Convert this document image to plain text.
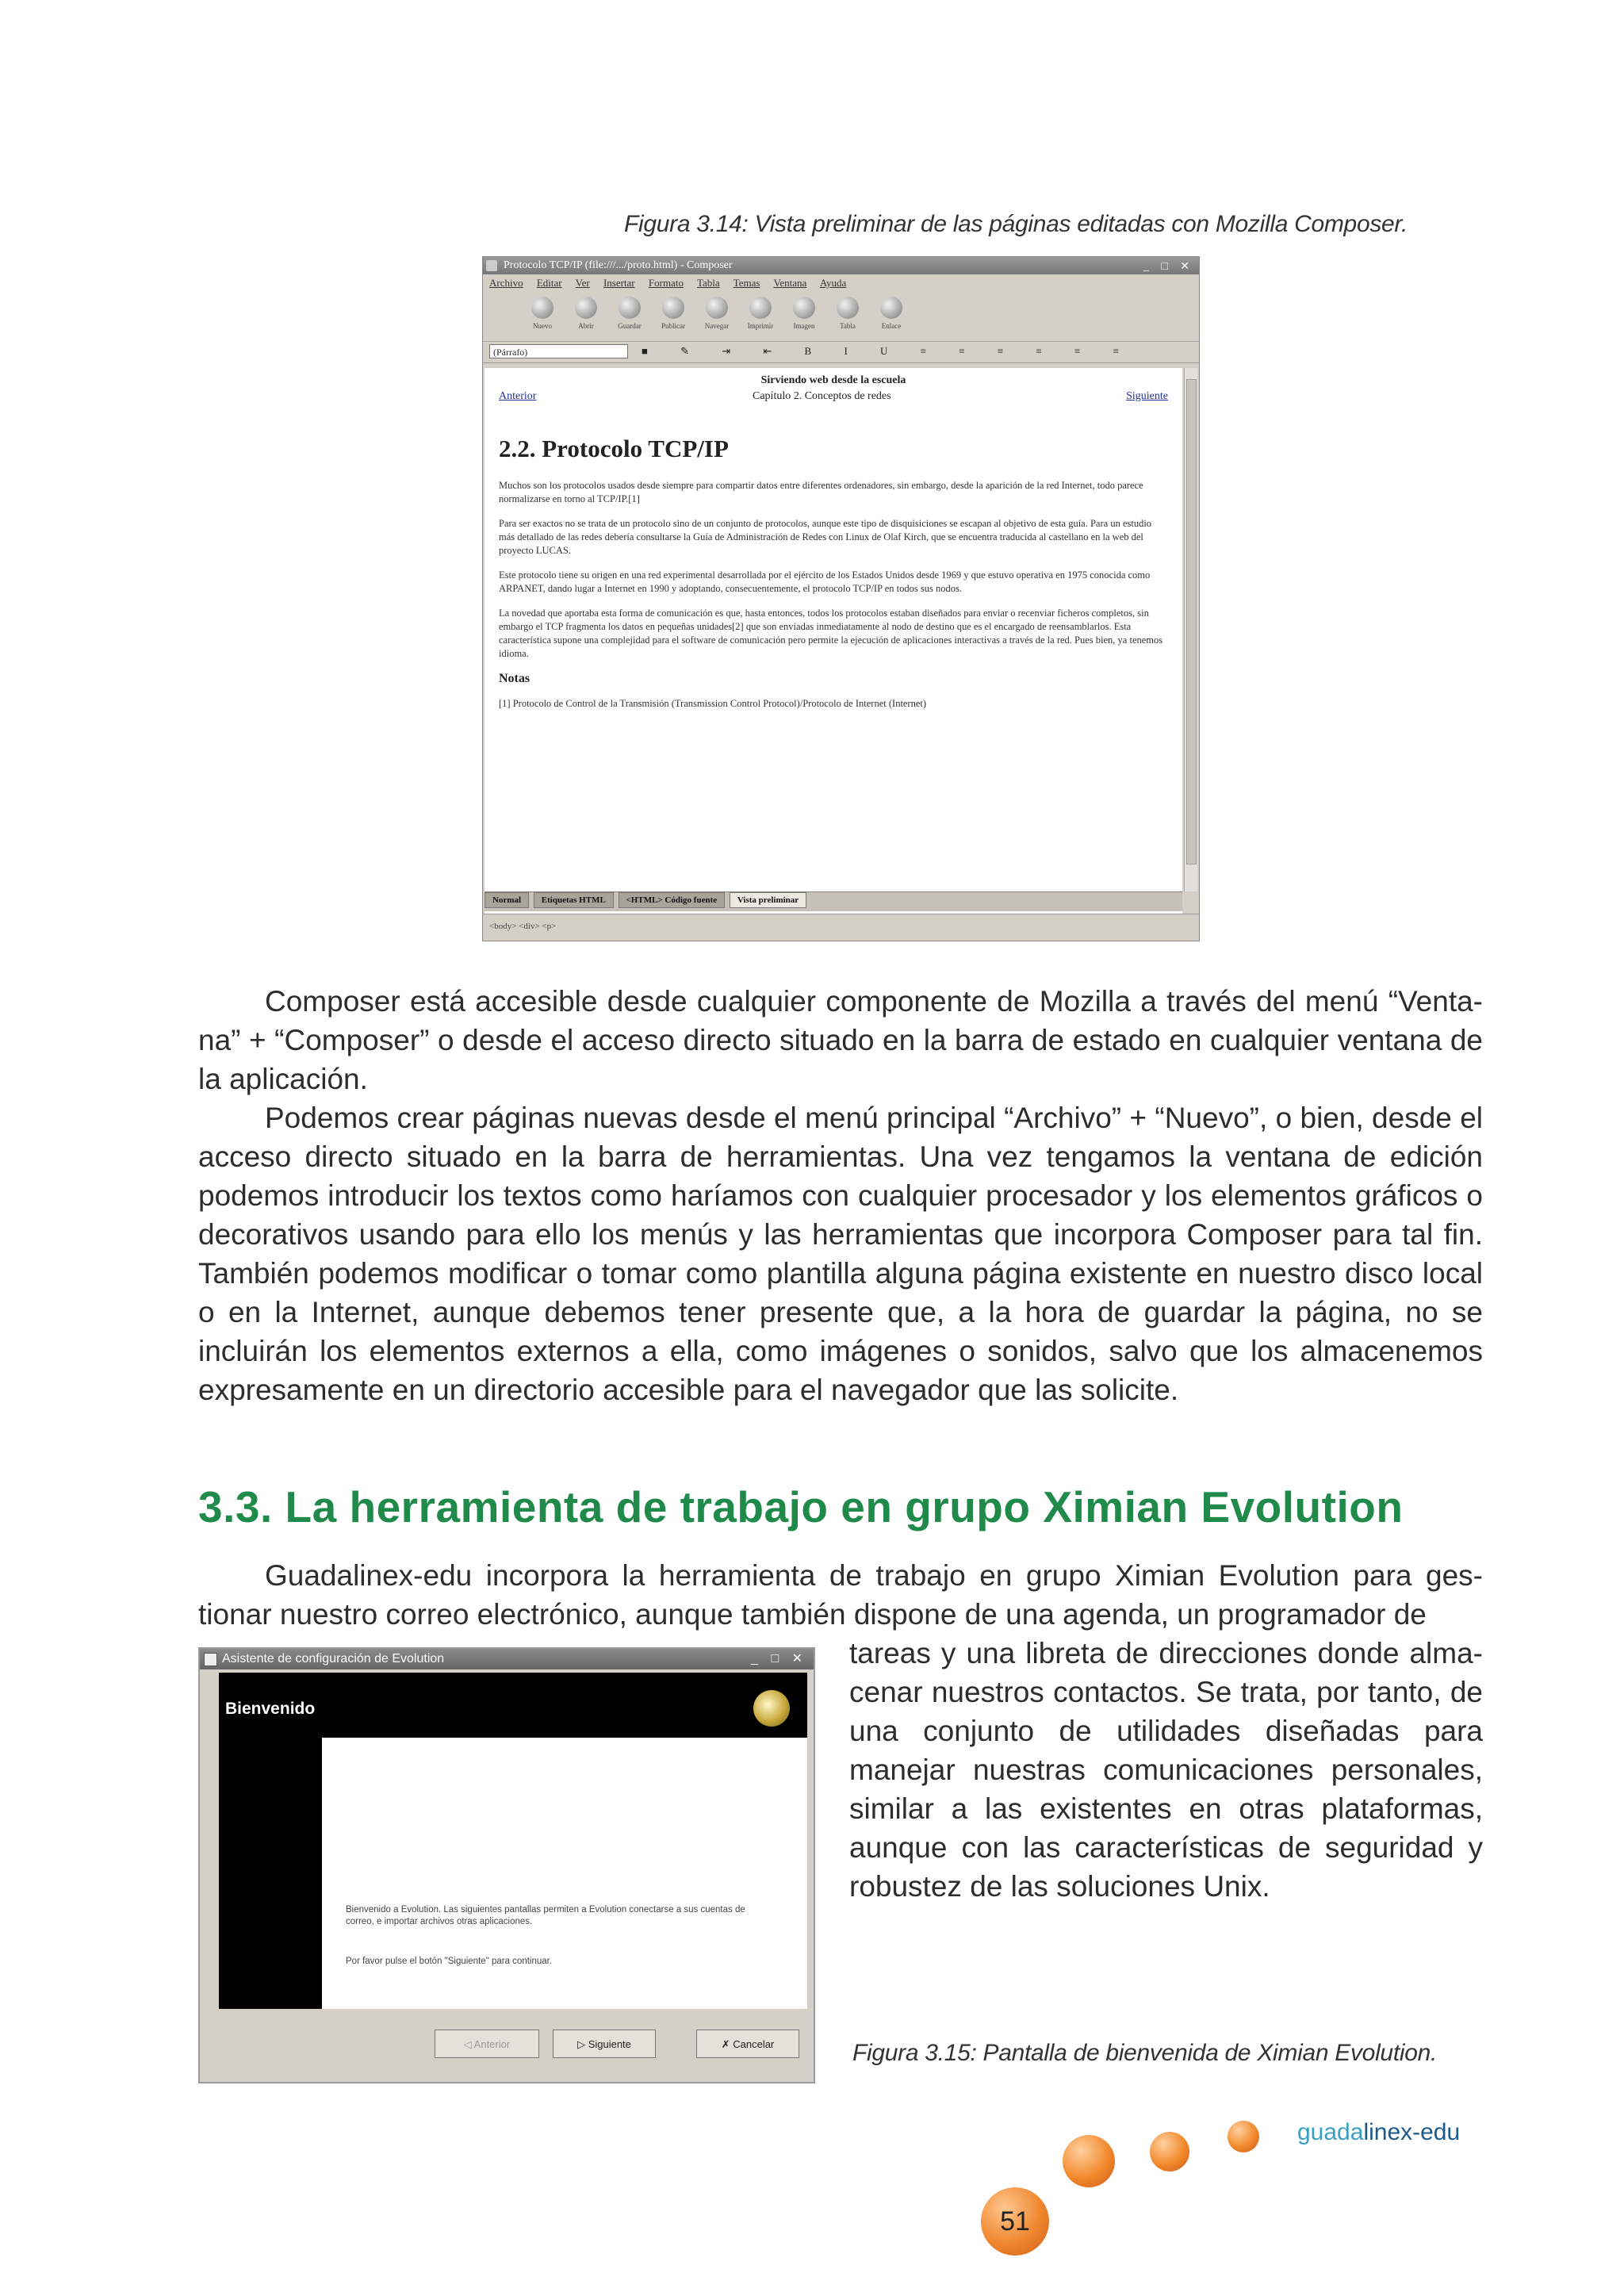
Figura 3.14: Vista preliminar de las páginas editadas con Mozilla Composer.
Protocolo TCP/IP (file:///.../proto.html) - Composer	_ □ ✕
Archivo Editar Ver Insertar Formato Tabla Temas Ventana Ayuda
Nuevo	Abrir	Guardar	Publicar	Navegar	Imprimir	Imagen	Tabla	Enlace
(Párrafo)	■ ✎ ⇥ ⇤ B I U ≡ ≡ ≡ ≡ ≡ ≡
Sirviendo web desde la escuela
Anterior	Capítulo 2. Conceptos de redes	Siguiente
2.2. Protocolo TCP/IP

Muchos son los protocolos usados desde siempre para compartir datos entre diferentes ordenadores, sin embargo, desde la aparición de la red Internet, todo parece normalizarse en torno al TCP/IP.[1]

Para ser exactos no se trata de un protocolo sino de un conjunto de protocolos, aunque este tipo de disquisiciones se escapan al objetivo de esta guía. Para un estudio más detallado de las redes debería consultarse la Guía de Administración de Redes con Linux de Olaf Kirch, que se encuentra traducida al castellano en la web del proyecto LUCAS.

Este protocolo tiene su origen en una red experimental desarrollada por el ejército de los Estados Unidos desde 1969 y que estuvo operativa en 1975 conocida como ARPANET, dando lugar a Internet en 1990 y adoptando, consecuentemente, el protocolo TCP/IP en todos sus nodos.

La novedad que aportaba esta forma de comunicación es que, hasta entonces, todos los protocolos estaban diseñados para enviar o recenviar ficheros completos, sin embargo el TCP fragmenta los datos en pequeñas unidades[2] que son enviadas inmediatamente al nodo de destino que es el encargado de reensamblarlos. Esta característica supone una complejidad para el software de comunicación pero permite la ejecución de aplicaciones interactivas a través de la red. Pues bien, ya tenemos idioma.

Notas

[1] Protocolo de Control de la Transmisión (Transmission Control Protocol)/Protocolo de Internet (Internet)

Normal Etiquetas HTML <HTML> Código fuente Vista preliminar
<body> <div> <p>

Composer está accesible desde cualquier componente de Mozilla a través del menú “Venta-na” + “Composer” o desde el acceso directo situado en la barra de estado en cualquier ventana de la aplicación.

Podemos crear páginas nuevas desde el menú principal “Archivo” + “Nuevo”, o bien, desde el acceso directo situado en la barra de herramientas. Una vez tengamos la ventana de edición podemos introducir los textos como haríamos con cualquier procesador y los elementos gráficos o decorativos usando para ello los menús y las herramientas que incorpora Composer para tal fin. También podemos modificar o tomar como plantilla alguna página existente en nuestro disco local o en la Internet, aunque debemos tener presente que, a la hora de guardar la página, no se incluirán los elementos externos a ella, como imágenes o sonidos, salvo que los almacenemos expresamente en un directorio accesible para el navegador que las solicite.

3.3. La herramienta de trabajo en grupo Ximian Evolution

Guadalinex-edu incorpora la herramienta de trabajo en grupo Ximian Evolution para ges-tionar nuestro correo electrónico, aunque también dispone de una agenda, un programador de

tareas y una libreta de direcciones donde alma-cenar nuestros contactos. Se trata, por tanto, de una conjunto de utilidades diseñadas para manejar nuestras comunicaciones personales, similar a las existentes en otras plataformas, aunque con las características de seguridad y robustez de las soluciones Unix.

Asistente de configuración de Evolution	_ □ ✕
Bienvenido
Bienvenido a Evolution. Las siguientes pantallas permiten a Evolution conectarse a sus cuentas de correo, e importar archivos otras aplicaciones.
Por favor pulse el botón "Siguiente" para continuar.
◁ Anterior	▷ Siguiente	✗ Cancelar	Figura 3.15: Pantalla de bienvenida de Ximian Evolution.
guadalinex-edu
51
